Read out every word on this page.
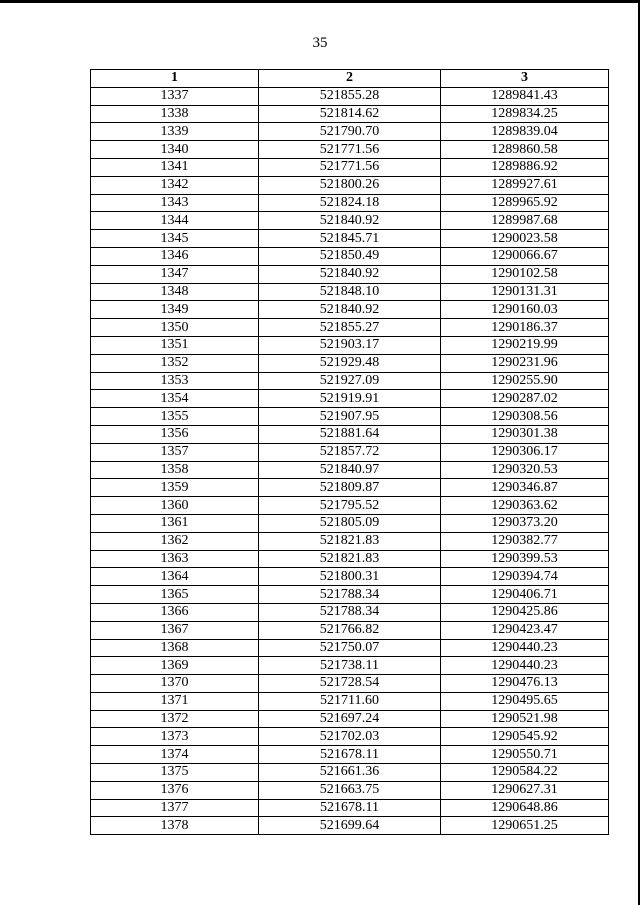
35
1	2	3
1337	521855.28	1289841.43
1338	521814.62	1289834.25
1339	521790.70	1289839.04
1340	521771.56	1289860.58
1341	521771.56	1289886.92
1342	521800.26	1289927.61
1343	521824.18	1289965.92
1344	521840.92	1289987.68
1345	521845.71	1290023.58
1346	521850.49	1290066.67
1347	521840.92	1290102.58
1348	521848.10	1290131.31
1349	521840.92	1290160.03
1350	521855.27	1290186.37
1351	521903.17	1290219.99
1352	521929.48	1290231.96
1353	521927.09	1290255.90
1354	521919.91	1290287.02
1355	521907.95	1290308.56
1356	521881.64	1290301.38
1357	521857.72	1290306.17
1358	521840.97	1290320.53
1359	521809.87	1290346.87
1360	521795.52	1290363.62
1361	521805.09	1290373.20
1362	521821.83	1290382.77
1363	521821.83	1290399.53
1364	521800.31	1290394.74
1365	521788.34	1290406.71
1366	521788.34	1290425.86
1367	521766.82	1290423.47
1368	521750.07	1290440.23
1369	521738.11	1290440.23
1370	521728.54	1290476.13
1371	521711.60	1290495.65
1372	521697.24	1290521.98
1373	521702.03	1290545.92
1374	521678.11	1290550.71
1375	521661.36	1290584.22
1376	521663.75	1290627.31
1377	521678.11	1290648.86
1378	521699.64	1290651.25
